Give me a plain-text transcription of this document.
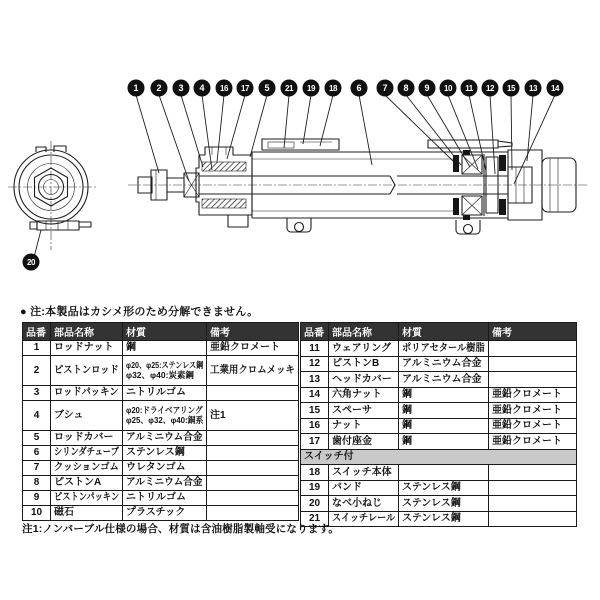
1 2 3 4 16 17 5 21 19 18 6 7 8 9 10 11 12 15 13 14
20
● 注:本製品はカシメ形のため分解できません。
品番	部品名称	材質	備考
1	ロッドナット	鋼	亜鉛クロメート
2	ピストンロッド	φ20、φ25:ステンレス鋼
φ32、φ40:炭素鋼	工業用クロムメッキ
3	ロッドパッキン	ニトリルゴム	
4	ブシュ	φ20:ドライベアリング
φ25、φ32、φ40:銅系	注1
5	ロッドカバー	アルミニウム合金	
6	シリンダチューブ	ステンレス鋼	
7	クッションゴム	ウレタンゴム	
8	ピストンA	アルミニウム合金	
9	ピストンパッキン	ニトリルゴム	
10	磁石	プラスチック	
品番	部品名称	材質	備考
11	ウェアリング	ポリアセタール樹脂	
12	ピストンB	アルミニウム合金	
13	ヘッドカバー	アルミニウム合金	
14	六角ナット	鋼	亜鉛クロメート
15	スペーサ	鋼	亜鉛クロメート
16	ナット	鋼	亜鉛クロメート
17	歯付座金	鋼	亜鉛クロメート
スイッチ付			
18	スイッチ本体		
19	バンド	ステンレス鋼	
20	なべ小ねじ	ステンレス鋼	
21	スイッチレール	ステンレス鋼	
注1:ノンバーブル仕様の場合、材質は含油樹脂製軸受になります。
